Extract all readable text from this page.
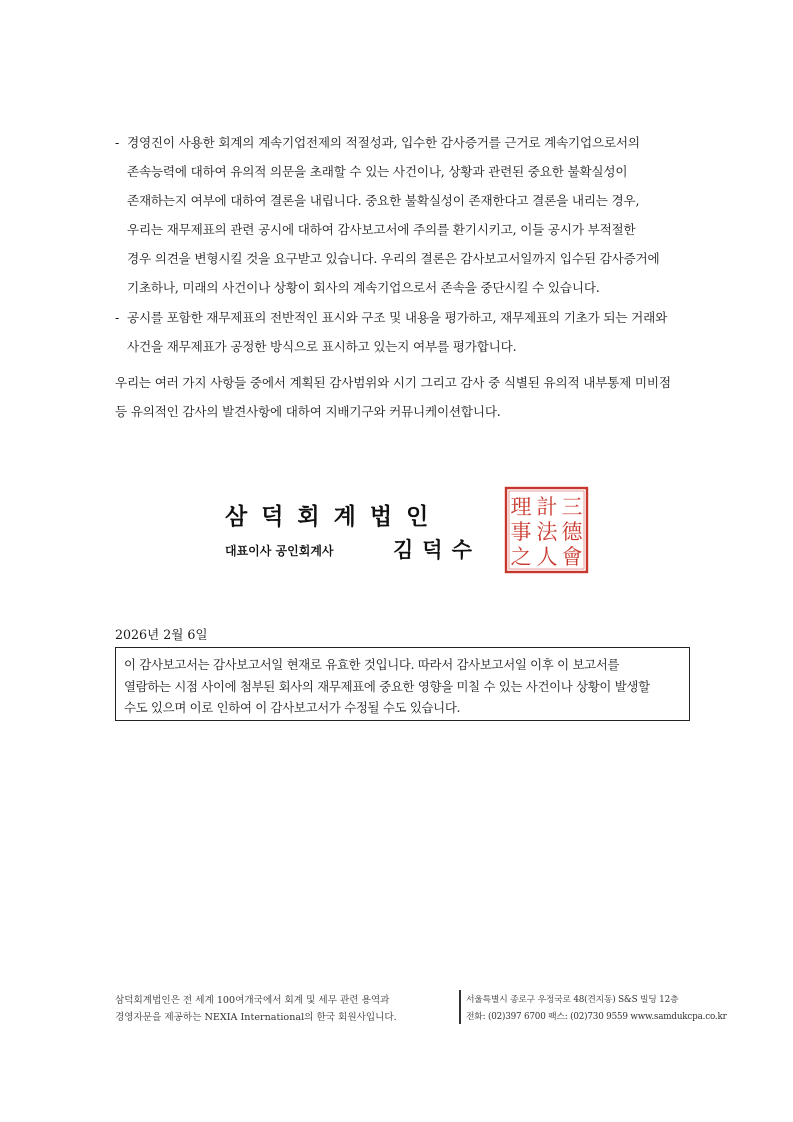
- 경영진이 사용한 회계의 계속기업전제의 적절성과, 입수한 감사증거를 근거로 계속기업으로서의
존속능력에 대하여 유의적 의문을 초래할 수 있는 사건이나, 상황과 관련된 중요한 불확실성이
존재하는지 여부에 대하여 결론을 내립니다. 중요한 불확실성이 존재한다고 결론을 내리는 경우,
우리는 재무제표의 관련 공시에 대하여 감사보고서에 주의를 환기시키고, 이들 공시가 부적절한
경우 의견을 변형시킬 것을 요구받고 있습니다. 우리의 결론은 감사보고서일까지 입수된 감사증거에
기초하나, 미래의 사건이나 상황이 회사의 계속기업으로서 존속을 중단시킬 수 있습니다.
- 공시를 포함한 재무제표의 전반적인 표시와 구조 및 내용을 평가하고, 재무제표의 기초가 되는 거래와
사건을 재무제표가 공정한 방식으로 표시하고 있는지 여부를 평가합니다.
우리는 여러 가지 사항들 중에서 계획된 감사범위와 시기 그리고 감사 중 식별된 유의적 내부통제 미비점
등 유의적인 감사의 발견사항에 대하여 지배기구와 커뮤니케이션합니다.
삼덕회계법인
대표이사 공인회계사	김덕수
三
德
會
計
法
人
理
事
之
2026년 2월 6일
이 감사보고서는 감사보고서일 현재로 유효한 것입니다. 따라서 감사보고서일 이후 이 보고서를
열람하는 시점 사이에 첨부된 회사의 재무제표에 중요한 영향을 미칠 수 있는 사건이나 상황이 발생할
수도 있으며 이로 인하여 이 감사보고서가 수정될 수도 있습니다.
삼덕회계법인은 전 세계 100여개국에서 회계 및 세무 관련 용역과
경영자문을 제공하는 NEXIA International의 한국 회원사입니다.
서울특별시 종로구 우정국로 48(견지동) S&S 빌딩 12층
전화: (02)397 6700 팩스: (02)730 9559 www.samdukcpa.co.kr
